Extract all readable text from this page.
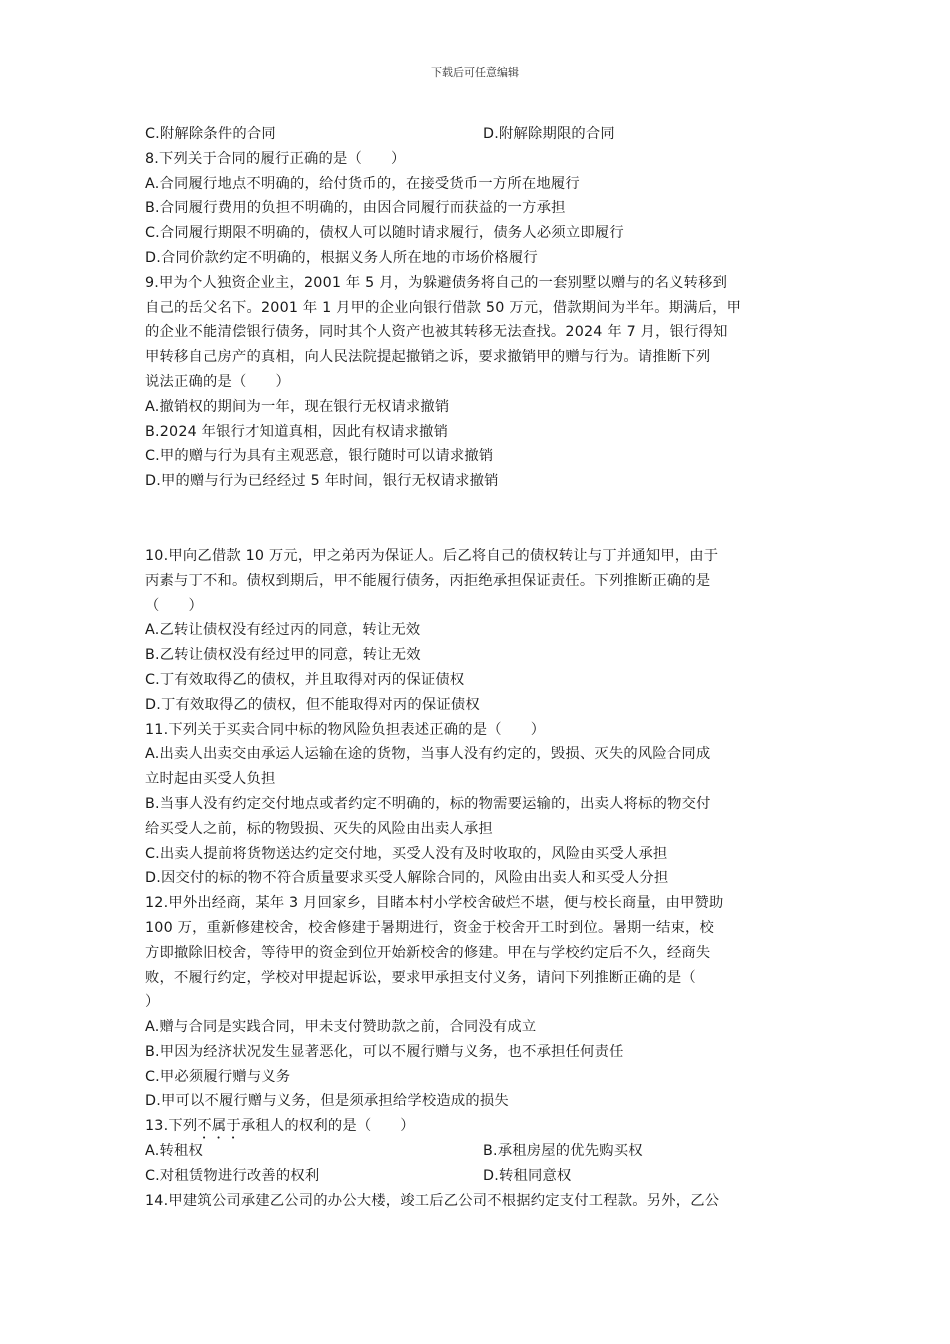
下载后可任意编辑
C.附解除条件的合同	D.附解除期限的合同
8.下列关于合同的履行正确的是（　　）
A.合同履行地点不明确的，给付货币的，在接受货币一方所在地履行
B.合同履行费用的负担不明确的，由因合同履行而获益的一方承担
C.合同履行期限不明确的，债权人可以随时请求履行，债务人必须立即履行
D.合同价款约定不明确的，根据义务人所在地的市场价格履行
9.甲为个人独资企业主，2001 年 5 月，为躲避债务将自己的一套别墅以赠与的名义转移到
自己的岳父名下。2001 年 1 月甲的企业向银行借款 50 万元，借款期间为半年。期满后，甲
的企业不能清偿银行债务，同时其个人资产也被其转移无法查找。2024 年 7 月，银行得知
甲转移自己房产的真相，向人民法院提起撤销之诉，要求撤销甲的赠与行为。请推断下列
说法正确的是（　　）
A.撤销权的期间为一年，现在银行无权请求撤销
B.2024 年银行才知道真相，因此有权请求撤销
C.甲的赠与行为具有主观恶意，银行随时可以请求撤销
D.甲的赠与行为已经经过 5 年时间，银行无权请求撤销
10.甲向乙借款 10 万元，甲之弟丙为保证人。后乙将自己的债权转让与丁并通知甲，由于
丙素与丁不和。债权到期后，甲不能履行债务，丙拒绝承担保证责任。下列推断正确的是
（　　）
A.乙转让债权没有经过丙的同意，转让无效
B.乙转让债权没有经过甲的同意，转让无效
C.丁有效取得乙的债权，并且取得对丙的保证债权
D.丁有效取得乙的债权，但不能取得对丙的保证债权
11.下列关于买卖合同中标的物风险负担表述正确的是（　　）
A.出卖人出卖交由承运人运输在途的货物，当事人没有约定的，毁损、灭失的风险合同成
立时起由买受人负担
B.当事人没有约定交付地点或者约定不明确的，标的物需要运输的，出卖人将标的物交付
给买受人之前，标的物毁损、灭失的风险由出卖人承担
C.出卖人提前将货物送达约定交付地，买受人没有及时收取的，风险由买受人承担
D.因交付的标的物不符合质量要求买受人解除合同的，风险由出卖人和买受人分担
12.甲外出经商，某年 3 月回家乡，目睹本村小学校舍破烂不堪，便与校长商量，由甲赞助
100 万，重新修建校舍，校舍修建于暑期进行，资金于校舍开工时到位。暑期一结束，校
方即撤除旧校舍，等待甲的资金到位开始新校舍的修建。甲在与学校约定后不久，经商失
败，不履行约定，学校对甲提起诉讼，要求甲承担支付义务，请问下列推断正确的是（
）
A.赠与合同是实践合同，甲未支付赞助款之前，合同没有成立
B.甲因为经济状况发生显著恶化，可以不履行赠与义务，也不承担任何责任
C.甲必须履行赠与义务
D.甲可以不履行赠与义务，但是须承担给学校造成的损失
13.下列不属于承租人的权利的是（　　）
A.转租权	B.承租房屋的优先购买权
C.对租赁物进行改善的权利	D.转租同意权
14.甲建筑公司承建乙公司的办公大楼，竣工后乙公司不根据约定支付工程款。另外，乙公
